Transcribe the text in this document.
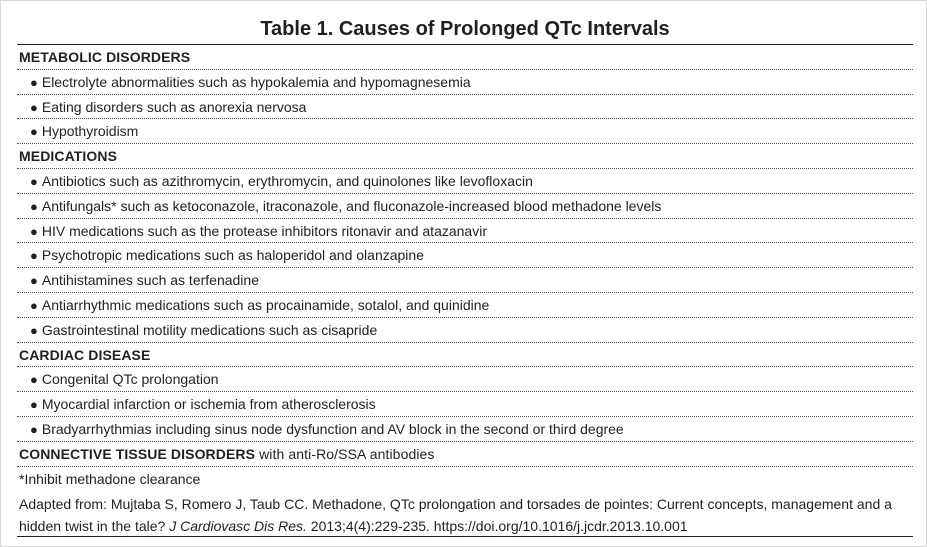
Table 1. Causes of Prolonged QTc Intervals
METABOLIC DISORDERS
● Electrolyte abnormalities such as hypokalemia and hypomagnesemia
● Eating disorders such as anorexia nervosa
● Hypothyroidism
MEDICATIONS
● Antibiotics such as azithromycin, erythromycin, and quinolones like levofloxacin
● Antifungals* such as ketoconazole, itraconazole, and fluconazole-increased blood methadone levels
● HIV medications such as the protease inhibitors ritonavir and atazanavir
● Psychotropic medications such as haloperidol and olanzapine
● Antihistamines such as terfenadine
● Antiarrhythmic medications such as procainamide, sotalol, and quinidine
● Gastrointestinal motility medications such as cisapride
CARDIAC DISEASE
● Congenital QTc prolongation
● Myocardial infarction or ischemia from atherosclerosis
● Bradyarrhythmias including sinus node dysfunction and AV block in the second or third degree
CONNECTIVE TISSUE DISORDERS with anti-Ro/SSA antibodies
*Inhibit methadone clearance
Adapted from: Mujtaba S, Romero J, Taub CC. Methadone, QTc prolongation and torsades de pointes: Current concepts, management and a hidden twist in the tale? J Cardiovasc Dis Res. 2013;4(4):229-235. https://doi.org/10.1016/j.jcdr.2013.10.001
